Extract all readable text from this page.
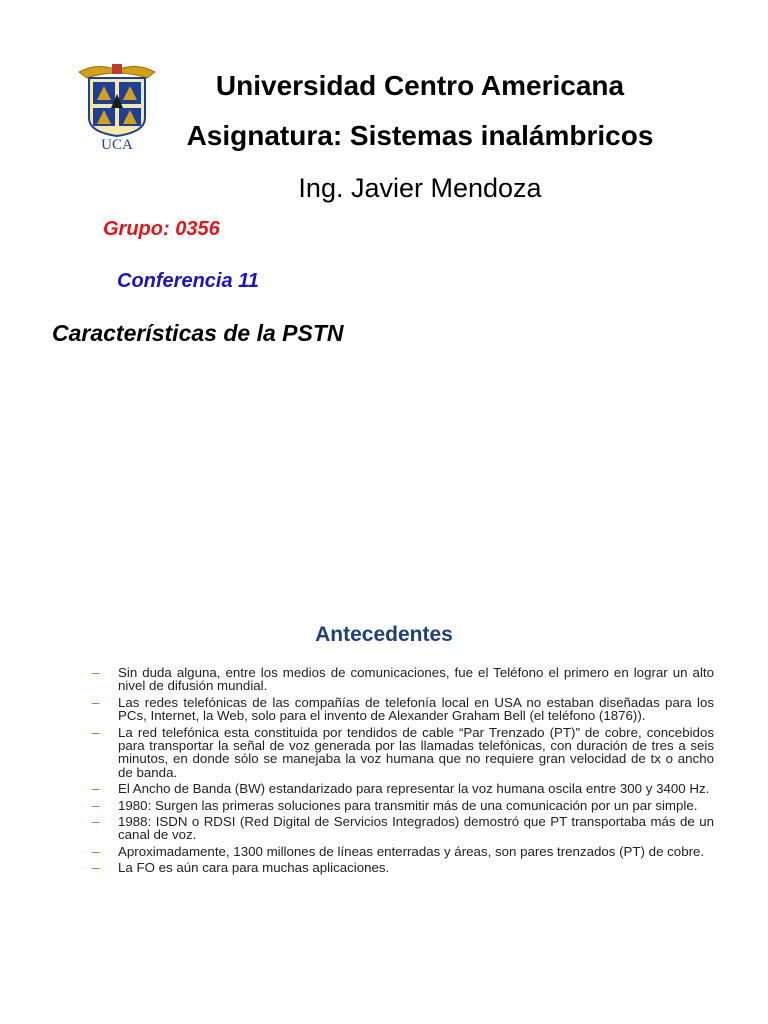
UCA
Universidad Centro Americana
Asignatura: Sistemas inalámbricos
Ing. Javier Mendoza
Grupo: 0356
Conferencia 11
Características de la PSTN
Antecedentes
– Sin duda alguna, entre los medios de comunicaciones, fue el Teléfono el primero en lograr un alto nivel de difusión mundial.
– Las redes telefónicas de las compañías de telefonía local en USA no estaban diseñadas para los PCs, Internet, la Web, solo para el invento de Alexander Graham Bell (el teléfono (1876)).
– La red telefónica esta constituida por tendidos de cable “Par Trenzado (PT)” de cobre, concebidos para transportar la señal de voz generada por las llamadas telefónicas, con duración de tres a seis minutos, en donde sólo se manejaba la voz humana que no requiere gran velocidad de tx o ancho de banda.
– El Ancho de Banda (BW) estandarizado para representar la voz humana oscila entre 300 y 3400 Hz.
– 1980: Surgen las primeras soluciones para transmitir más de una comunicación por un par simple.
– 1988: ISDN o RDSI (Red Digital de Servicios Integrados) demostró que PT transportaba más de un canal de voz.
– Aproximadamente, 1300 millones de líneas enterradas y áreas, son pares trenzados (PT) de cobre.
– La FO es aún cara para muchas aplicaciones.
